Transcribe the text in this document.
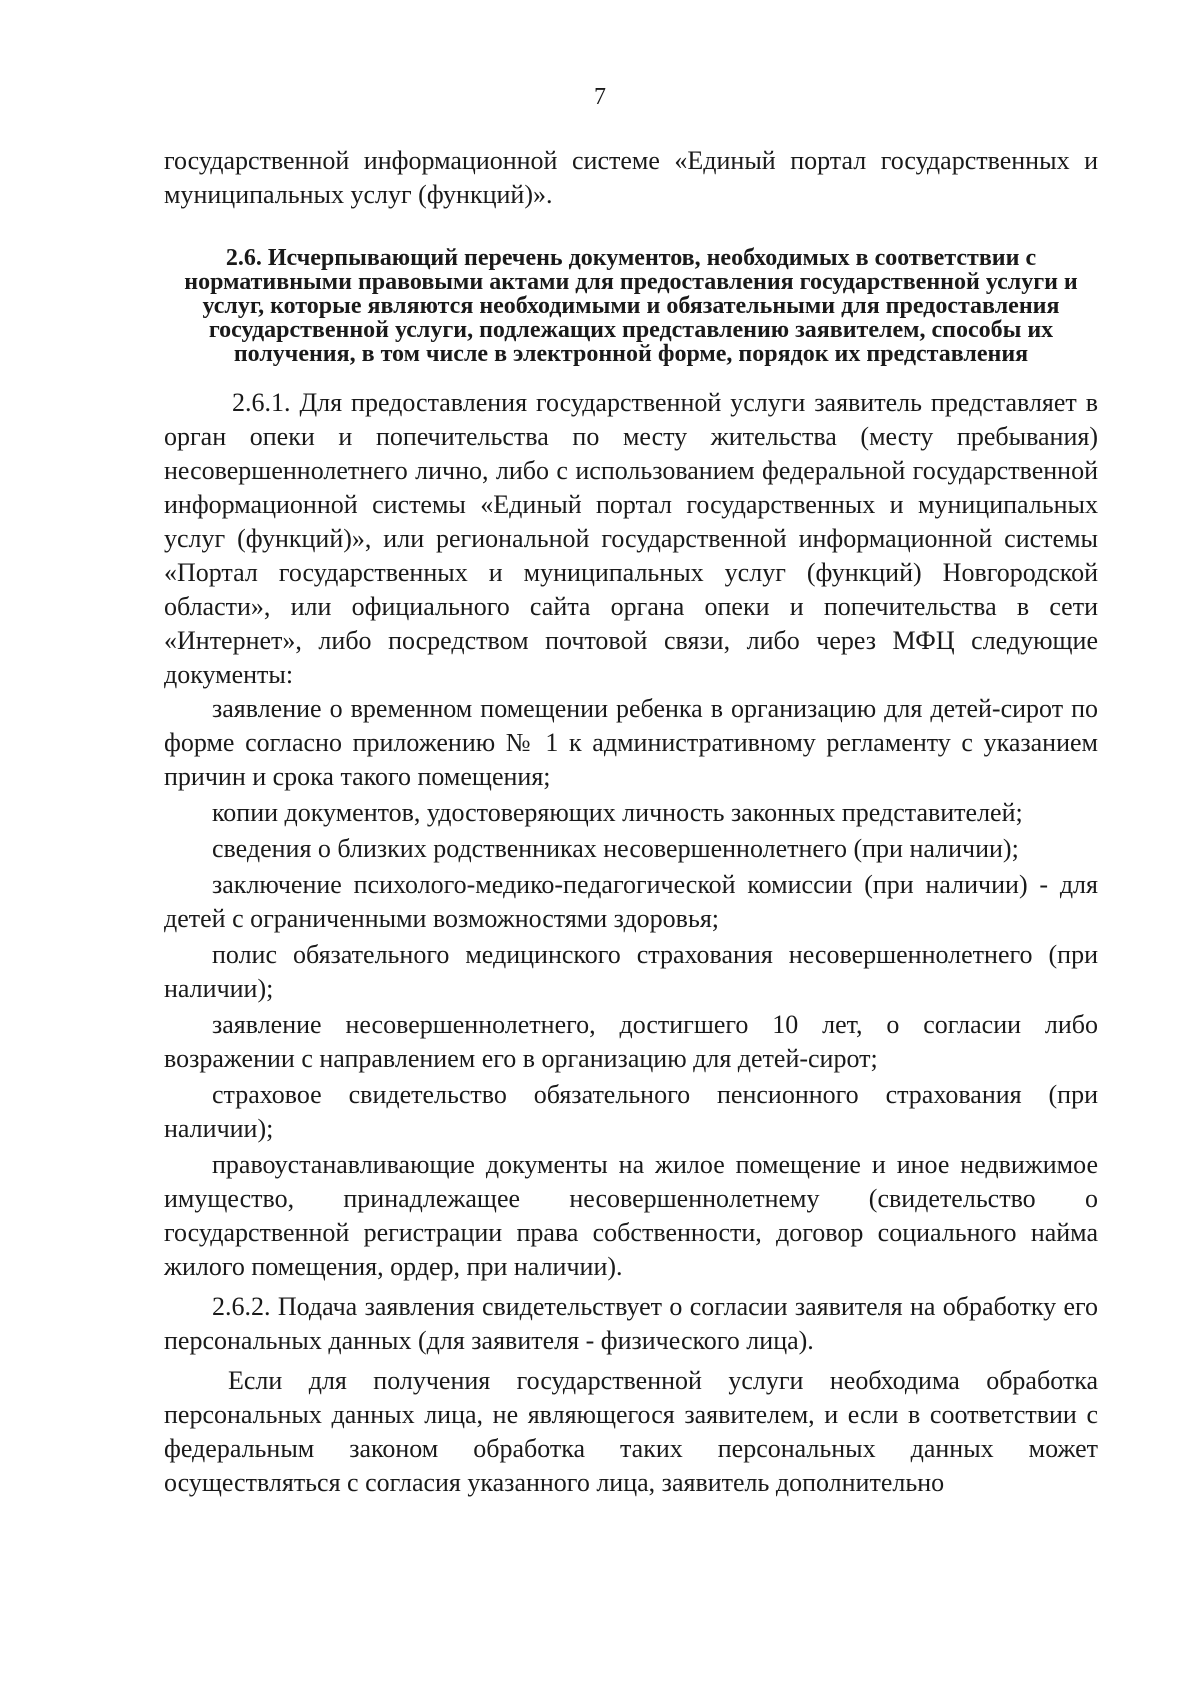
7

государственной информационной системе «Единый портал государственных и муниципальных услуг (функций)».

2.6. Исчерпывающий перечень документов, необходимых в соответствии с нормативными правовыми актами для предоставления государственной услуги и услуг, которые являются необходимыми и обязательными для предоставления государственной услуги, подлежащих представлению заявителем, способы их получения, в том числе в электронной форме, порядок их представления

2.6.1. Для предоставления государственной услуги заявитель представляет в орган опеки и попечительства по месту жительства (месту пребывания) несовершеннолетнего лично, либо с использованием федеральной государственной информационной системы «Единый портал государственных и муниципальных услуг (функций)», или региональной государственной информационной системы «Портал государственных и муниципальных услуг (функций) Новгородской области», или официального сайта органа опеки и попечительства в сети «Интернет», либо посредством почтовой связи, либо через МФЦ следующие документы:

заявление о временном помещении ребенка в организацию для детей-сирот по форме согласно приложению № 1 к административному регламенту с указанием причин и срока такого помещения;

копии документов, удостоверяющих личность законных представителей;

сведения о близких родственниках несовершеннолетнего (при наличии);

заключение психолого-медико-педагогической комиссии (при наличии) - для детей с ограниченными возможностями здоровья;

полис обязательного медицинского страхования несовершеннолетнего (при наличии);

заявление несовершеннолетнего, достигшего 10 лет, о согласии либо возражении с направлением его в организацию для детей-сирот;

страховое свидетельство обязательного пенсионного страхования (при наличии);

правоустанавливающие документы на жилое помещение и иное недвижимое имущество, принадлежащее несовершеннолетнему (свидетельство о государственной регистрации права собственности, договор социального найма жилого помещения, ордер, при наличии).

2.6.2. Подача заявления свидетельствует о согласии заявителя на обработку его персональных данных (для заявителя - физического лица).

Если для получения государственной услуги необходима обработка персональных данных лица, не являющегося заявителем, и если в соответствии с федеральным законом обработка таких персональных данных может осуществляться с согласия указанного лица, заявитель дополнительно
